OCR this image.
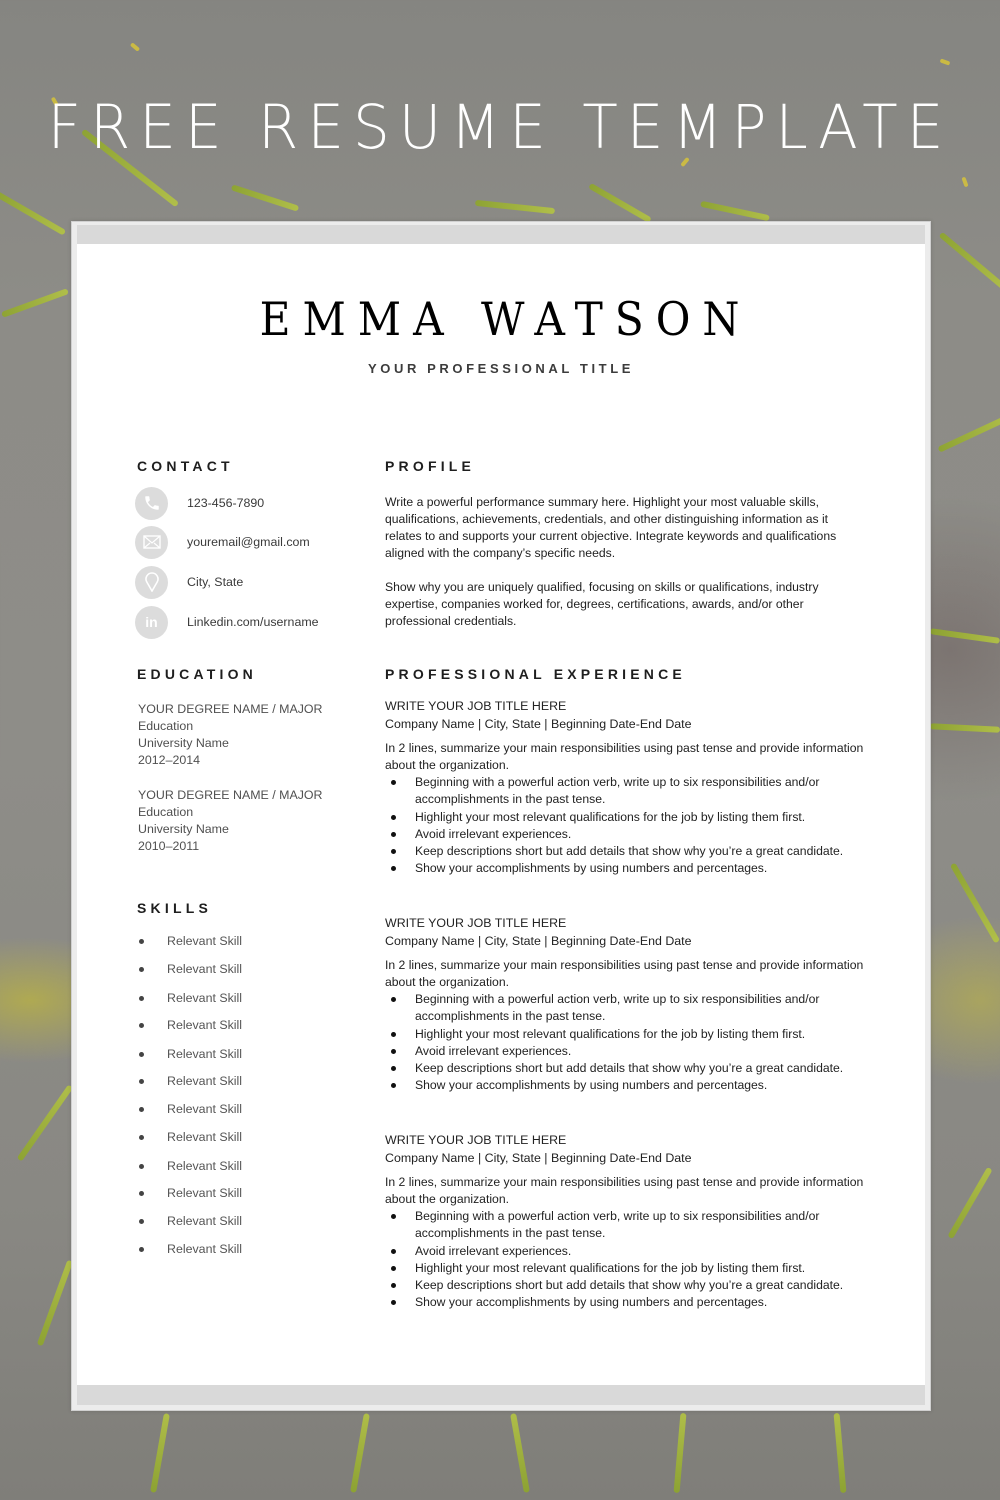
FREE RESUME TEMPLATE
EMMA WATSON
YOUR PROFESSIONAL TITLE
CONTACT
123-456-7890
youremail@gmail.com
City, State
in Linkedin.com/username
EDUCATION
YOUR DEGREE NAME / MAJOR
Education
University Name
2012–2014
YOUR DEGREE NAME / MAJOR
Education
University Name
2010–2011
SKILLS
Relevant Skill
Relevant Skill
Relevant Skill
Relevant Skill
Relevant Skill
Relevant Skill
Relevant Skill
Relevant Skill
Relevant Skill
Relevant Skill
Relevant Skill
Relevant Skill
PROFILE

Write a powerful performance summary here. Highlight your most valuable skills, qualifications, achievements, credentials, and other distinguishing information as it relates to and supports your current objective. Integrate keywords and qualifications aligned with the company’s specific needs.

Show why you are uniquely qualified, focusing on skills or qualifications, industry expertise, companies worked for, degrees, certifications, awards, and/or other professional credentials.

PROFESSIONAL EXPERIENCE
WRITE YOUR JOB TITLE HERE
Company Name | City, State | Beginning Date-End Date
In 2 lines, summarize your main responsibilities using past tense and provide information about the organization.
Beginning with a powerful action verb, write up to six responsibilities and/or accomplishments in the past tense.
Highlight your most relevant qualifications for the job by listing them first.
Avoid irrelevant experiences.
Keep descriptions short but add details that show why you’re a great candidate.
Show your accomplishments by using numbers and percentages.
WRITE YOUR JOB TITLE HERE
Company Name | City, State | Beginning Date-End Date
In 2 lines, summarize your main responsibilities using past tense and provide information about the organization.
Beginning with a powerful action verb, write up to six responsibilities and/or accomplishments in the past tense.
Highlight your most relevant qualifications for the job by listing them first.
Avoid irrelevant experiences.
Keep descriptions short but add details that show why you’re a great candidate.
Show your accomplishments by using numbers and percentages.
WRITE YOUR JOB TITLE HERE
Company Name | City, State | Beginning Date-End Date
In 2 lines, summarize your main responsibilities using past tense and provide information about the organization.
Beginning with a powerful action verb, write up to six responsibilities and/or accomplishments in the past tense.
Avoid irrelevant experiences.
Highlight your most relevant qualifications for the job by listing them first.
Keep descriptions short but add details that show why you’re a great candidate.
Show your accomplishments by using numbers and percentages.
